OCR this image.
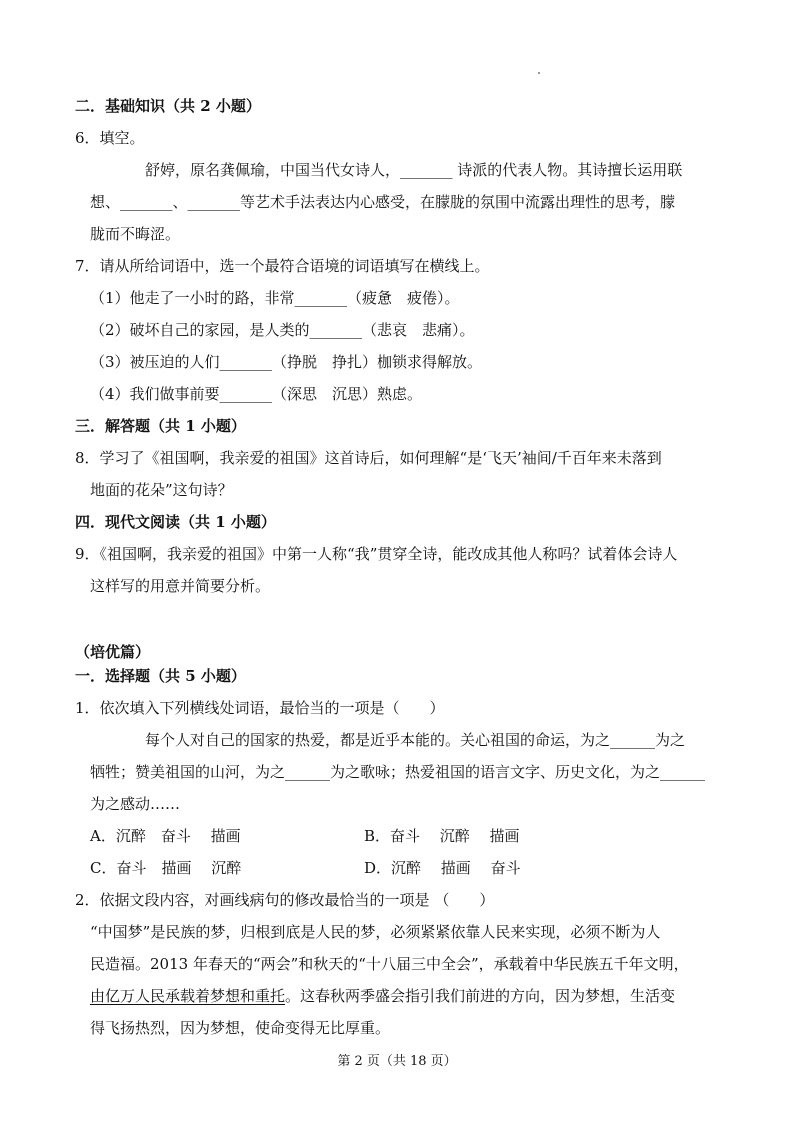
二．基础知识（共 2 小题）
6．填空。
舒婷，原名龚佩瑜，中国当代女诗人，_______ 诗派的代表人物。其诗擅长运用联
想、_______、_______等艺术手法表达内心感受，在朦胧的氛围中流露出理性的思考，朦
胧而不晦涩。
7．请从所给词语中，选一个最符合语境的词语填写在横线上。
（1）他走了一小时的路，非常_______（疲惫　疲倦）。
（2）破坏自己的家园，是人类的_______（悲哀　悲痛）。
（3）被压迫的人们_______（挣脱　挣扎）枷锁求得解放。
（4）我们做事前要_______（深思　沉思）熟虑。
三．解答题（共 1 小题）
8．学习了《祖国啊，我亲爱的祖国》这首诗后，如何理解“是‘飞天’袖间/千百年来未落到
地面的花朵”这句诗？
四．现代文阅读（共 1 小题）
9．《祖国啊，我亲爱的祖国》中第一人称“我”贯穿全诗，能改成其他人称吗？试着体会诗人
这样写的用意并简要分析。
（培优篇）
一．选择题（共 5 小题）
1．依次填入下列横线处词语，最恰当的一项是（　　）
每个人对自己的国家的热爱，都是近乎本能的。关心祖国的命运，为之______为之
牺牲；赞美祖国的山河，为之______为之歌咏；热爱祖国的语言文字、历史文化，为之______
为之感动……
A．沉醉　奋斗　 描画	B．奋斗　 沉醉　 描画
C．奋斗　描画　 沉醉	D．沉醉　 描画　 奋斗
2．依据文段内容，对画线病句的修改最恰当的一项是 （　　）
“中国梦”是民族的梦，归根到底是人民的梦，必须紧紧依靠人民来实现，必须不断为人
民造福。2013 年春天的“两会”和秋天的“十八届三中全会”，承载着中华民族五千年文明，
由亿万人民承载着梦想和重托。这春秋两季盛会指引我们前进的方向，因为梦想，生活变
得飞扬热烈，因为梦想，使命变得无比厚重。
第 2 页（共 18 页）
